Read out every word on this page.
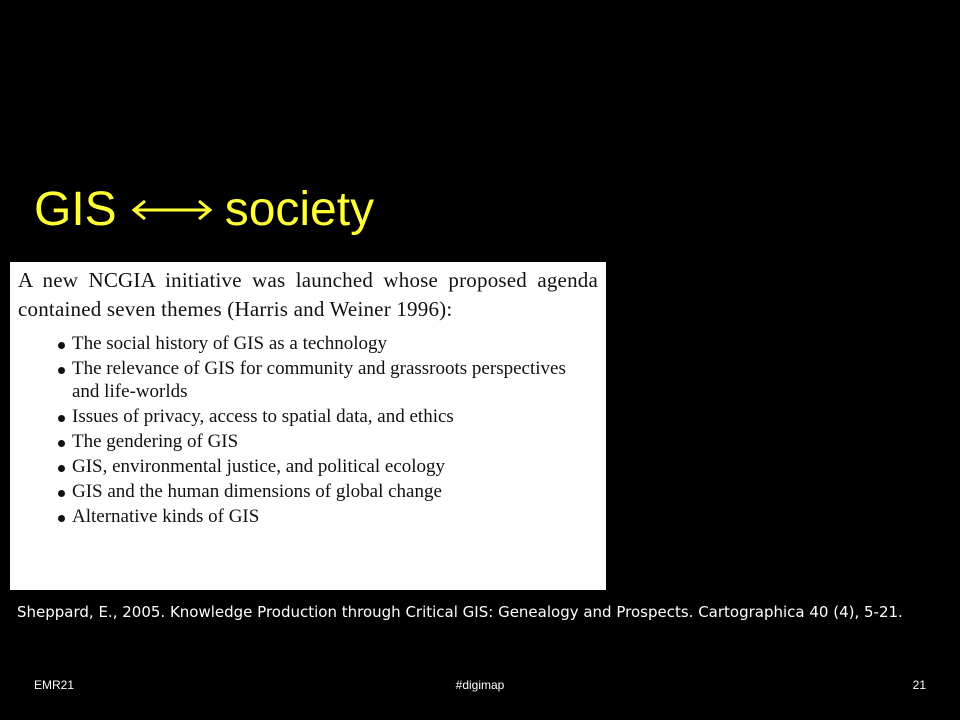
GIS society

A new NCGIA initiative was launched whose proposed agenda contained seven themes (Harris and Weiner 1996):

The social history of GIS as a technology
The relevance of GIS for community and grassroots perspectives and life-worlds
Issues of privacy, access to spatial data, and ethics
The gendering of GIS
GIS, environmental justice, and political ecology
GIS and the human dimensions of global change
Alternative kinds of GIS
Sheppard, E., 2005. Knowledge Production through Critical GIS: Genealogy and Prospects. Cartographica 40 (4), 5-21.
EMR21	#digimap	21
